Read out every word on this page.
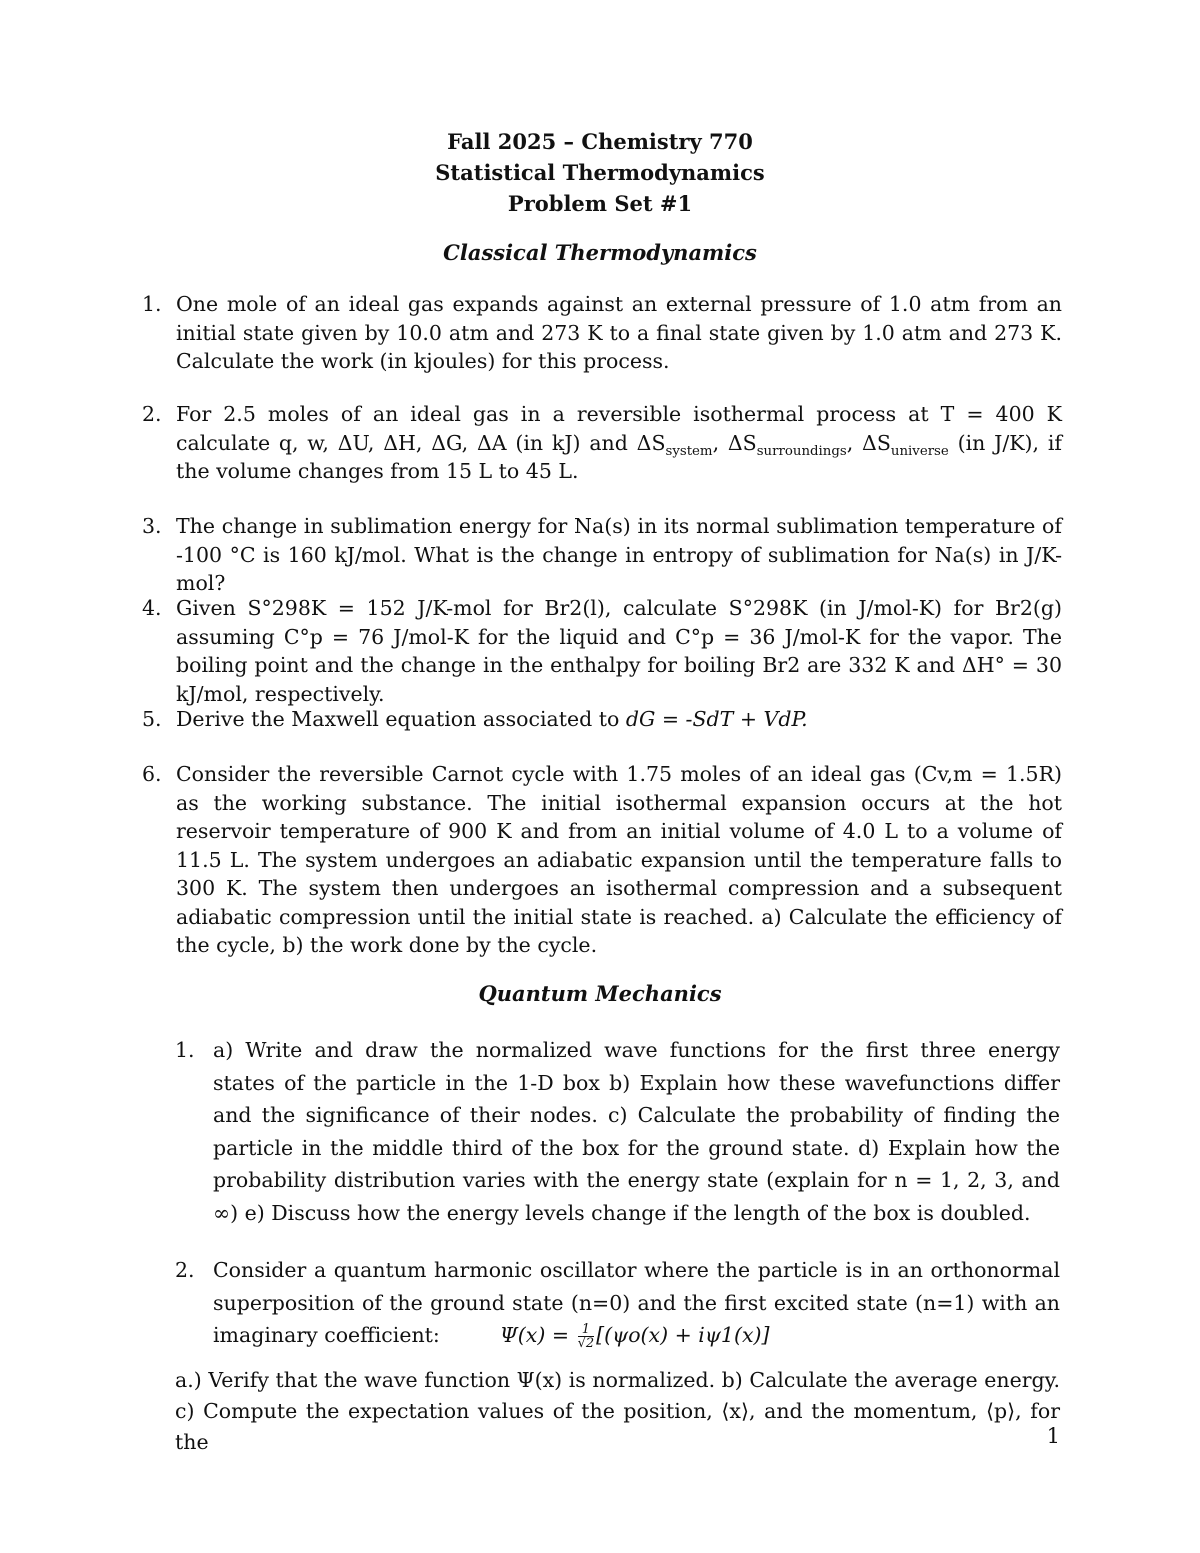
Fall 2025 – Chemistry 770
Statistical Thermodynamics
Problem Set #1
Classical Thermodynamics
1. One mole of an ideal gas expands against an external pressure of 1.0 atm from an initial state given by 10.0 atm and 273 K to a final state given by 1.0 atm and 273 K. Calculate the work (in kjoules) for this process.
2. For 2.5 moles of an ideal gas in a reversible isothermal process at T = 400 K calculate q, w, ΔU, ΔH, ΔG, ΔA (in kJ) and $\Delta S_{system}$, $\Delta S_{surroundings}$, $\Delta S_{universe}$ (in J/K), if the volume changes from 15 L to 45 L.
3. The change in sublimation energy for Na(s) in its normal sublimation temperature of -100 °C is 160 kJ/mol. What is the change in entropy of sublimation for Na(s) in J/K-mol?
4. Given S°298K = 152 J/K-mol for Br2(l), calculate S°298K (in J/mol-K) for Br2(g) assuming C°p = 76 J/mol-K for the liquid and C°p = 36 J/mol-K for the vapor. The boiling point and the change in the enthalpy for boiling Br2 are 332 K and ΔH° = 30 kJ/mol, respectively.
5. Derive the Maxwell equation associated to dG = -SdT + VdP.
6. Consider the reversible Carnot cycle with 1.75 moles of an ideal gas (Cv,m = 1.5R) as the working substance. The initial isothermal expansion occurs at the hot reservoir temperature of 900 K and from an initial volume of 4.0 L to a volume of 11.5 L. The system undergoes an adiabatic expansion until the temperature falls to 300 K. The system then undergoes an isothermal compression and a subsequent adiabatic compression until the initial state is reached. a) Calculate the efficiency of the cycle, b) the work done by the cycle.
Quantum Mechanics
1. a) Write and draw the normalized wave functions for the first three energy states of the particle in the 1-D box b) Explain how these wavefunctions differ and the significance of their nodes. c) Calculate the probability of finding the particle in the middle third of the box for the ground state. d) Explain how the probability distribution varies with the energy state (explain for n = 1, 2, 3, and ∞) e) Discuss how the energy levels change if the length of the box is doubled.
2. Consider a quantum harmonic oscillator where the particle is in an orthonormal superposition of the ground state (n=0) and the first excited state (n=1) with an imaginary coefficient:	$\Psi(x) = \frac{1}{√2} [(\psi o(x) + i\psi 1(x)]$
a.) Verify that the wave function Ψ(x) is normalized. b) Calculate the average energy. c) Compute the expectation values of the position, ⟨x⟩, and the momentum, ⟨p⟩, for the	1
